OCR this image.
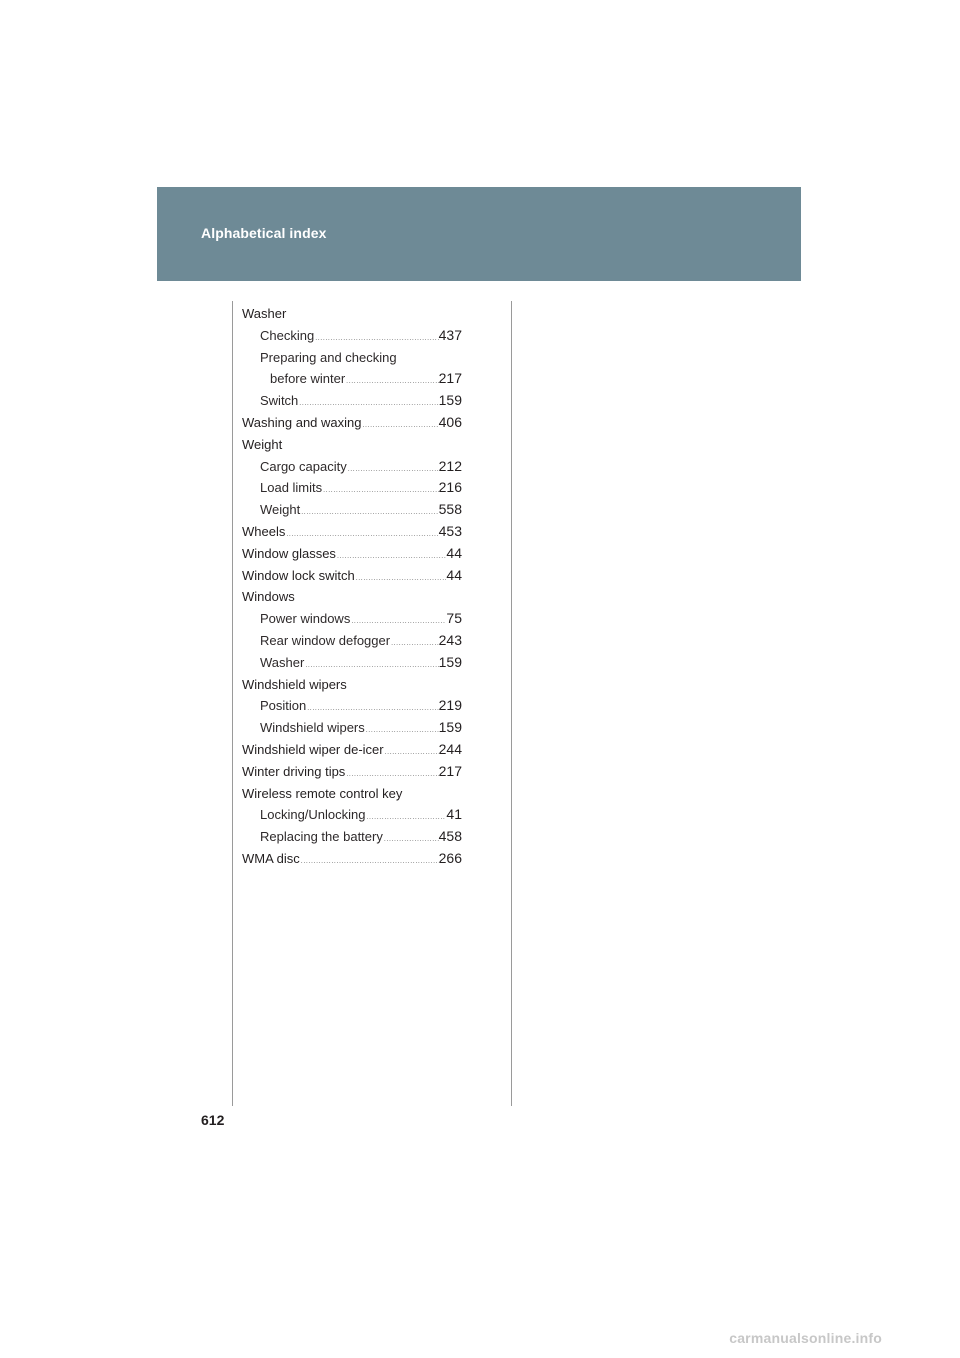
Alphabetical index
Washer
Checking .....	437
Preparing and checking
before winter .....	217
Switch .....	159
Washing and waxing .....	406
Weight
Cargo capacity .....	212
Load limits .....	216
Weight .....	558
Wheels .....	453
Window glasses .....	44
Window lock switch .....	44
Windows
Power windows .....	75
Rear window defogger .....	243
Washer .....	159
Windshield wipers
Position .....	219
Windshield wipers .....	159
Windshield wiper de-icer .....	244
Winter driving tips .....	217
Wireless remote control key
Locking/Unlocking .....	41
Replacing the battery .....	458
WMA disc .....	266
612
carmanualsonline.info
